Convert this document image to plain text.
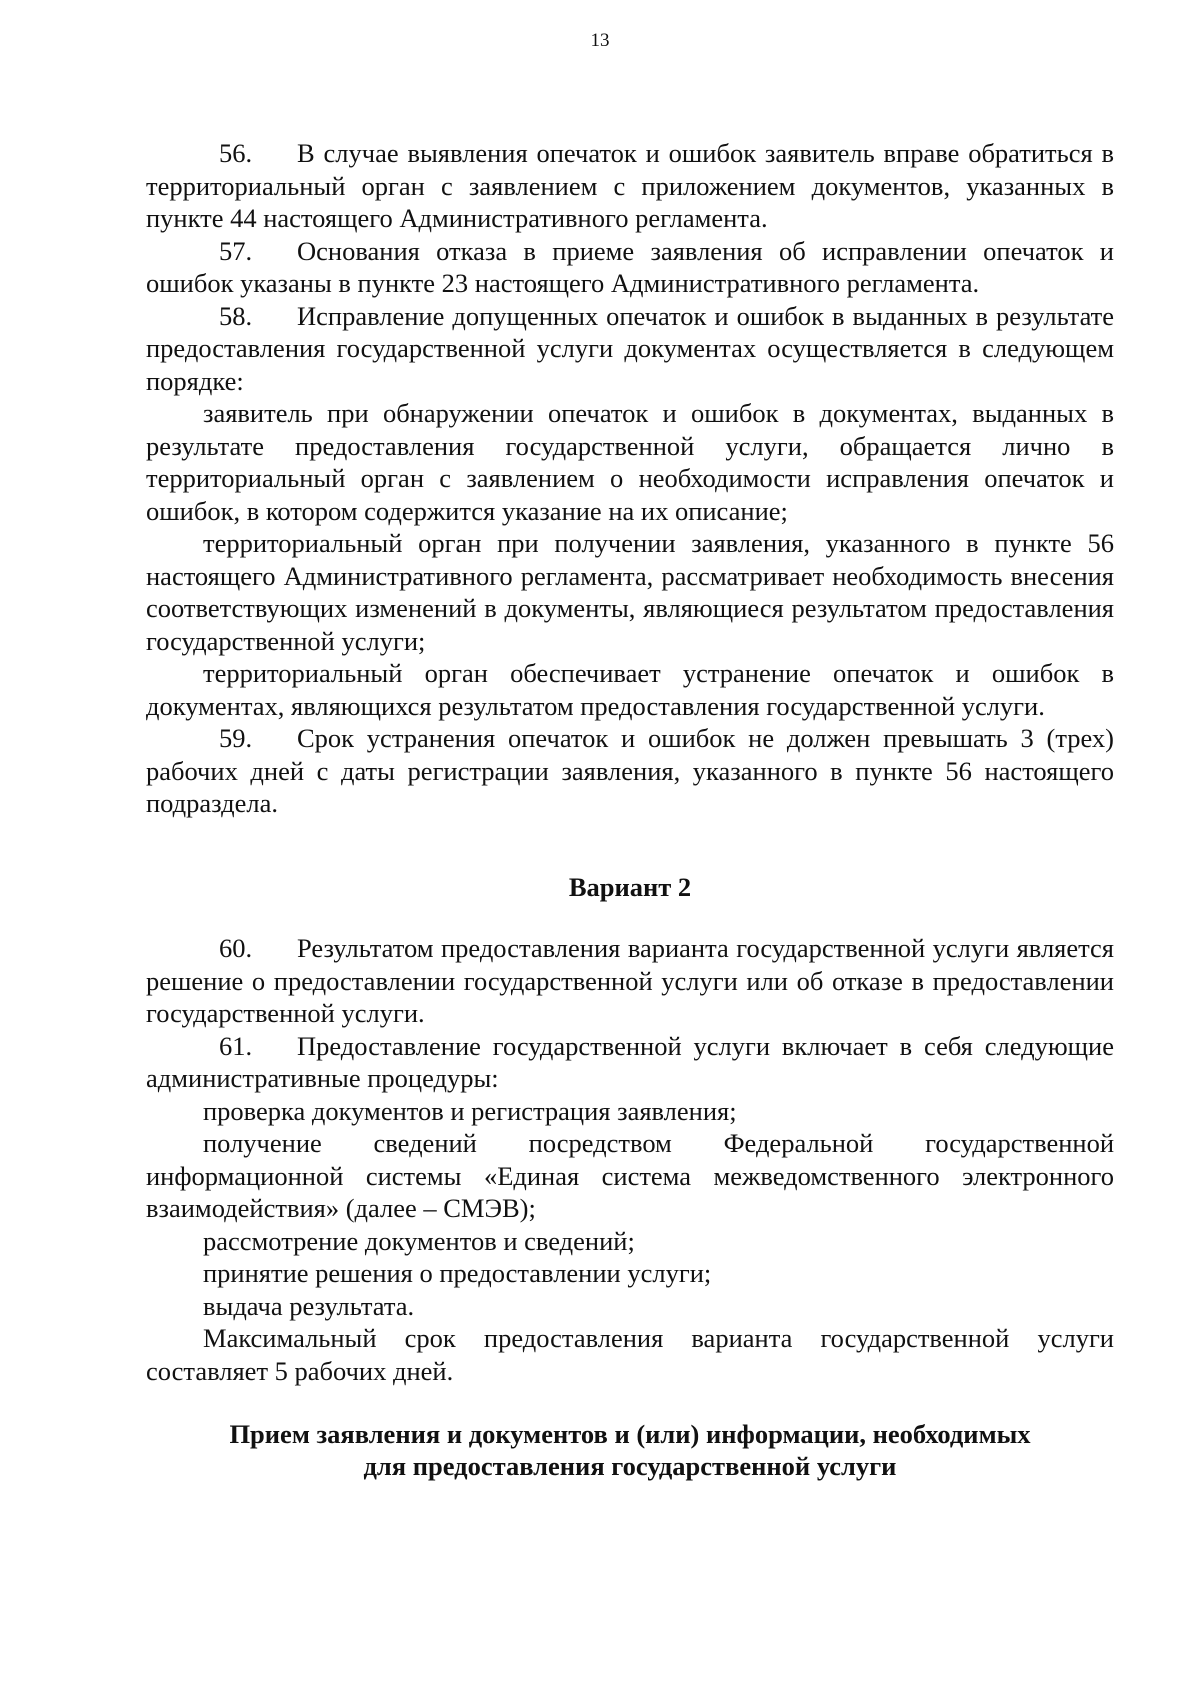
13

56. В случае выявления опечаток и ошибок заявитель вправе обратиться в территориальный орган с заявлением с приложением документов, указанных в пункте 44 настоящего Административного регламента.

57. Основания отказа в приеме заявления об исправлении опечаток и ошибок указаны в пункте 23 настоящего Административного регламента.

58. Исправление допущенных опечаток и ошибок в выданных в результате предоставления государственной услуги документах осуществляется в следующем порядке:

заявитель при обнаружении опечаток и ошибок в документах, выданных в результате предоставления государственной услуги, обращается лично в территориальный орган с заявлением о необходимости исправления опечаток и ошибок, в котором содержится указание на их описание;

территориальный орган при получении заявления, указанного в пункте 56 настоящего Административного регламента, рассматривает необходимость внесения соответствующих изменений в документы, являющиеся результатом предоставления государственной услуги;

территориальный орган обеспечивает устранение опечаток и ошибок в документах, являющихся результатом предоставления государственной услуги.

59. Срок устранения опечаток и ошибок не должен превышать 3 (трех) рабочих дней с даты регистрации заявления, указанного в пункте 56 настоящего подраздела.

Вариант 2

60. Результатом предоставления варианта государственной услуги является решение о предоставлении государственной услуги или об отказе в предоставлении государственной услуги.

61. Предоставление государственной услуги включает в себя следующие административные процедуры:

проверка документов и регистрация заявления;

получение сведений посредством Федеральной государственной информационной системы «Единая система межведомственного электронного взаимодействия» (далее – СМЭВ);

рассмотрение документов и сведений;

принятие решения о предоставлении услуги;

выдача результата.

Максимальный срок предоставления варианта государственной услуги составляет 5 рабочих дней.

Прием заявления и документов и (или) информации, необходимых
для предоставления государственной услуги
